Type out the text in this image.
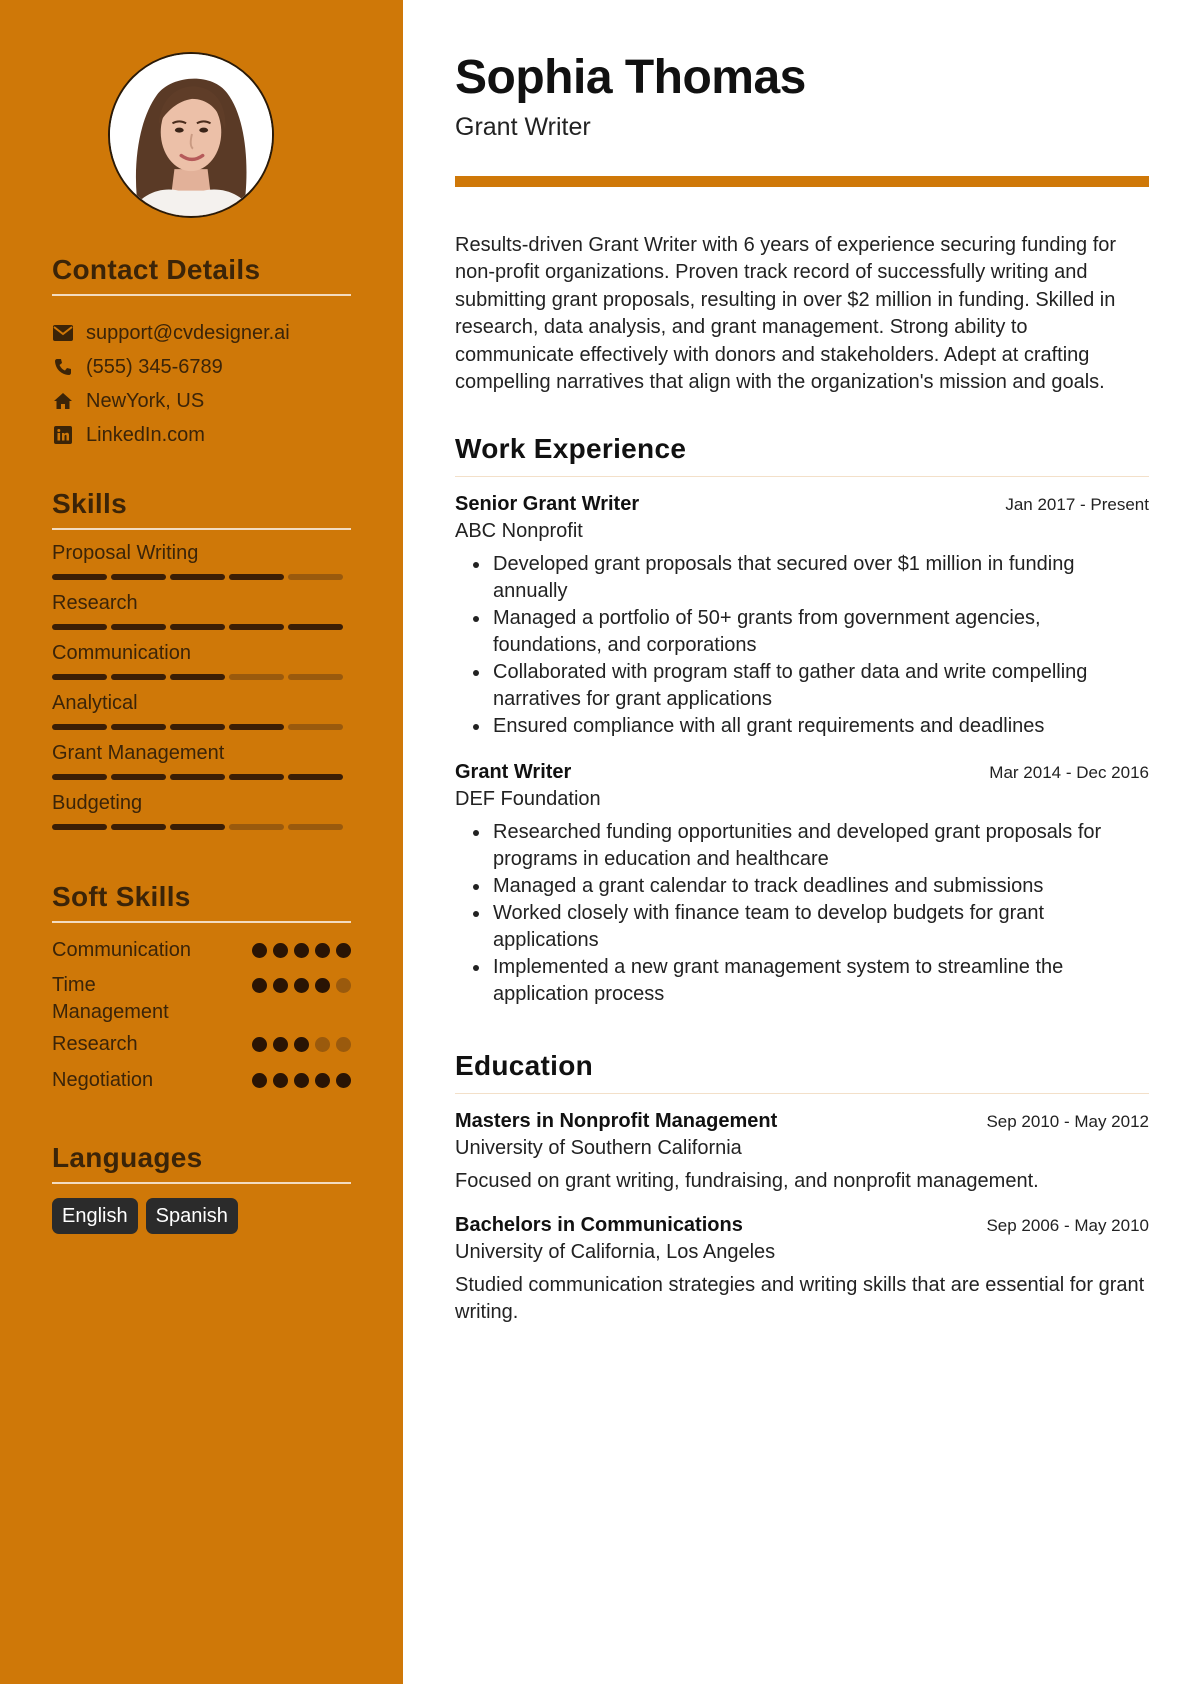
Contact Details
support@cvdesigner.ai
(555) 345-6789
NewYork, US
LinkedIn.com
Skills
Proposal Writing
Research
Communication
Analytical
Grant Management
Budgeting
Soft Skills
Communication
Time Management
Research
Negotiation
Languages
English	Spanish
Sophia Thomas
Grant Writer

Results-driven Grant Writer with 6 years of experience securing funding for non-profit organizations. Proven track record of successfully writing and submitting grant proposals, resulting in over $2 million in funding. Skilled in research, data analysis, and grant management. Strong ability to communicate effectively with donors and stakeholders. Adept at crafting compelling narratives that align with the organization's mission and goals.

Work Experience
Senior Grant Writer	Jan 2017 - Present
ABC Nonprofit
Developed grant proposals that secured over $1 million in funding annually
Managed a portfolio of 50+ grants from government agencies, foundations, and corporations
Collaborated with program staff to gather data and write compelling narratives for grant applications
Ensured compliance with all grant requirements and deadlines
Grant Writer	Mar 2014 - Dec 2016
DEF Foundation
Researched funding opportunities and developed grant proposals for programs in education and healthcare
Managed a grant calendar to track deadlines and submissions
Worked closely with finance team to develop budgets for grant applications
Implemented a new grant management system to streamline the application process
Education
Masters in Nonprofit Management	Sep 2010 - May 2012
University of Southern California
Focused on grant writing, fundraising, and nonprofit management.
Bachelors in Communications	Sep 2006 - May 2010
University of California, Los Angeles
Studied communication strategies and writing skills that are essential for grant writing.
